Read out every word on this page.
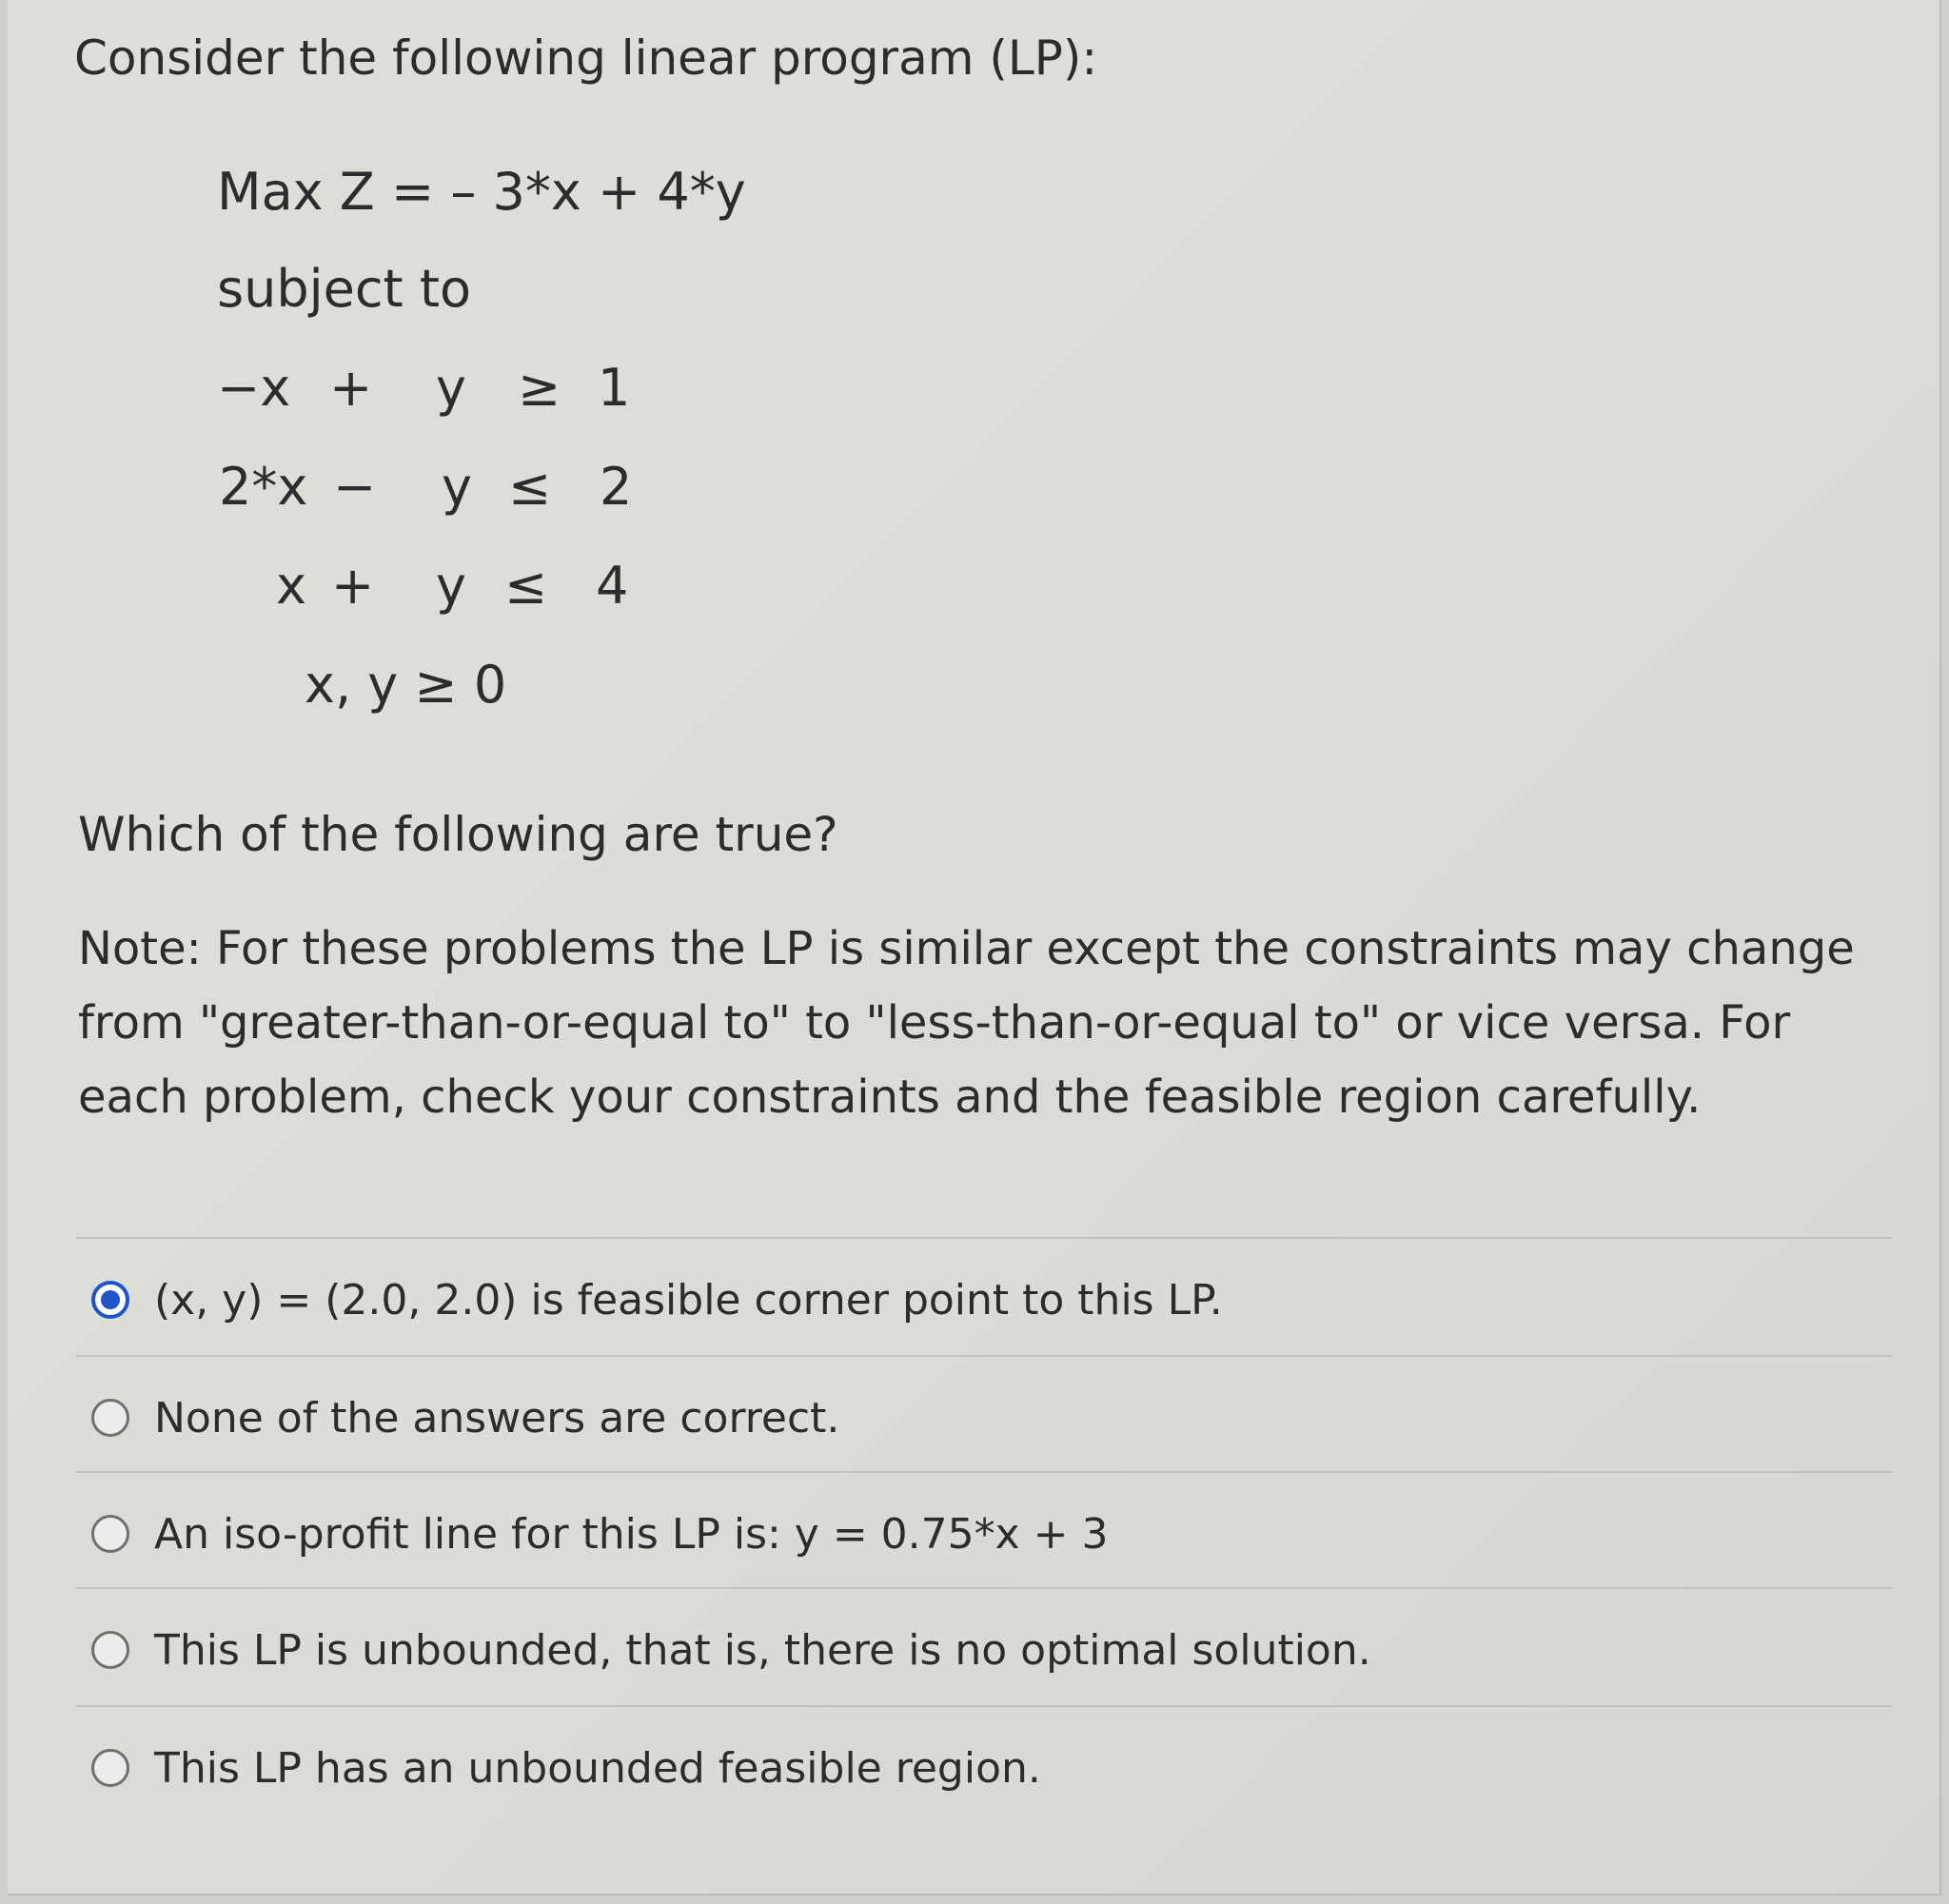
Consider the following linear program (LP):
Max Z = – 3*x + 4*y
subject to
−x + y ≥ 1
2*x − y ≤ 2
x + y ≤ 4
x, y ≥ 0
Which of the following are true?
Note: For these problems the LP is similar except the constraints may change from "greater-than-or-equal to" to "less-than-or-equal to" or vice versa. For each problem, check your constraints and the feasible region carefully.
(x, y) = (2.0, 2.0) is feasible corner point to this LP.
None of the answers are correct.
An iso-profit line for this LP is: y = 0.75*x + 3
This LP is unbounded, that is, there is no optimal solution.
This LP has an unbounded feasible region.
